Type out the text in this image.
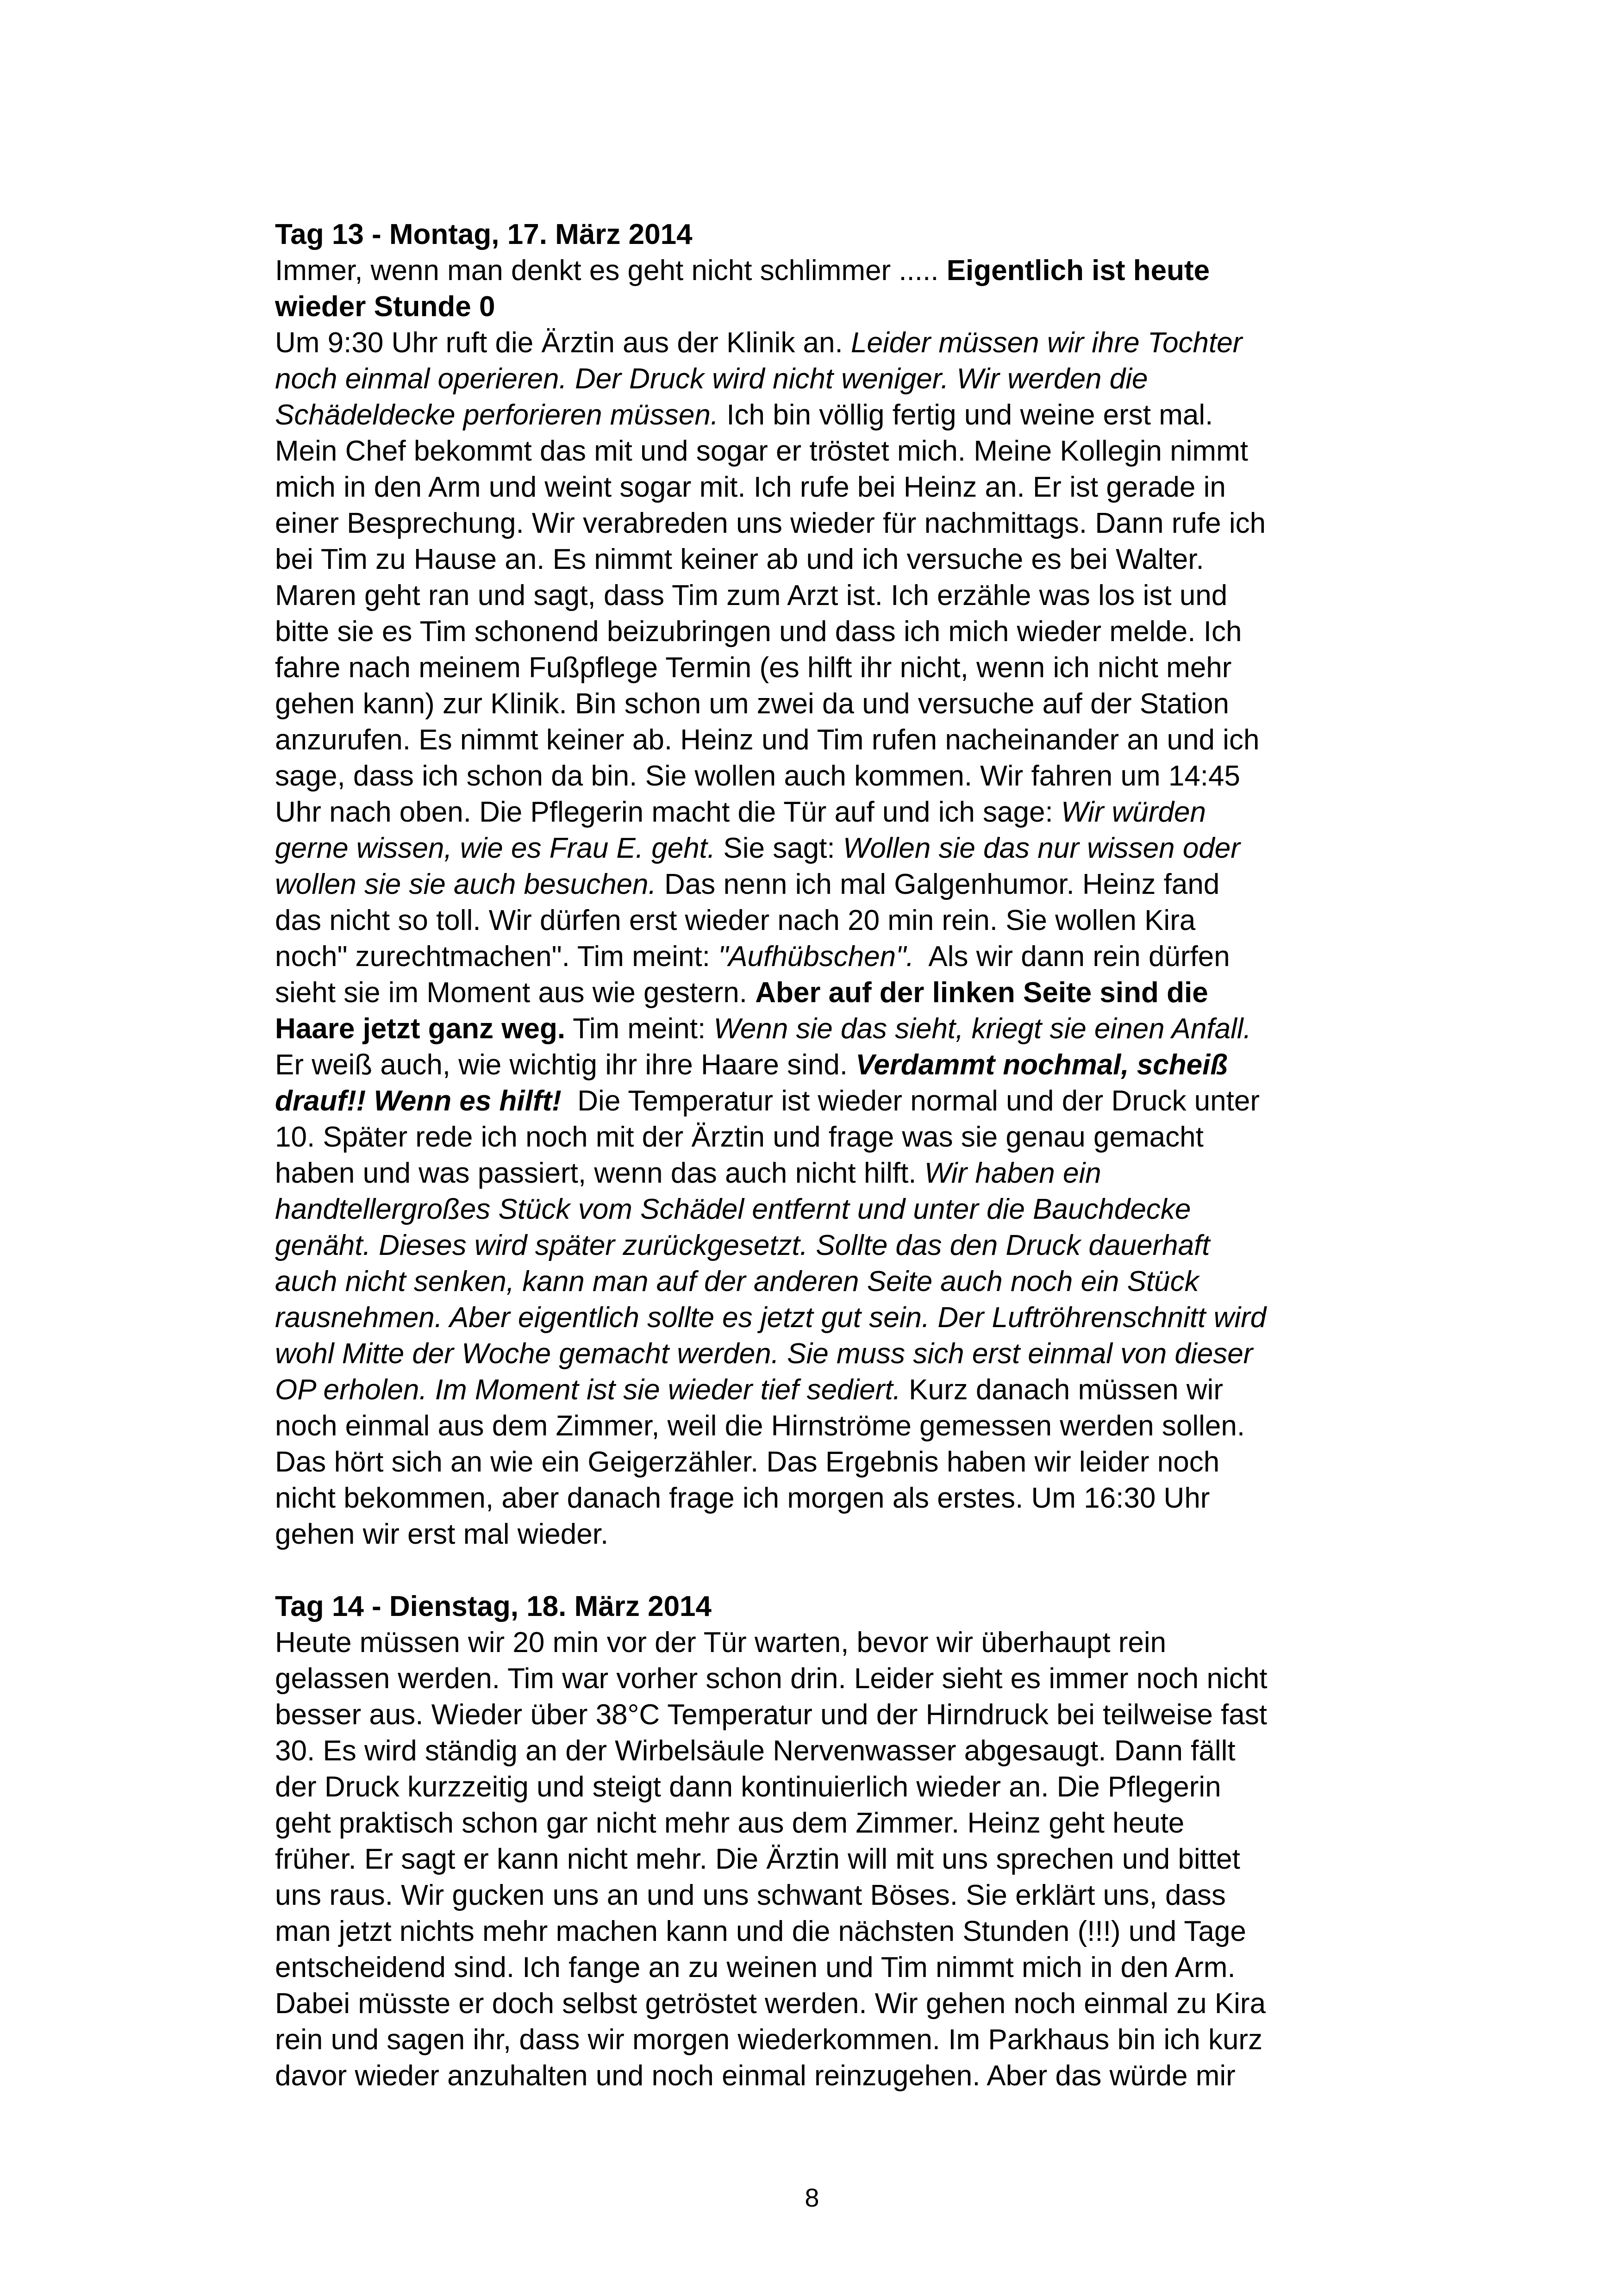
Tag 13 - Montag, 17. März 2014
Immer, wenn man denkt es geht nicht schlimmer ..... Eigentlich ist heute
wieder Stunde 0
Um 9:30 Uhr ruft die Ärztin aus der Klinik an. Leider müssen wir ihre Tochter
noch einmal operieren. Der Druck wird nicht weniger. Wir werden die
Schädeldecke perforieren müssen. Ich bin völlig fertig und weine erst mal.
Mein Chef bekommt das mit und sogar er tröstet mich. Meine Kollegin nimmt
mich in den Arm und weint sogar mit. Ich rufe bei Heinz an. Er ist gerade in
einer Besprechung. Wir verabreden uns wieder für nachmittags. Dann rufe ich
bei Tim zu Hause an. Es nimmt keiner ab und ich versuche es bei Walter.
Maren geht ran und sagt, dass Tim zum Arzt ist. Ich erzähle was los ist und
bitte sie es Tim schonend beizubringen und dass ich mich wieder melde. Ich
fahre nach meinem Fußpflege Termin (es hilft ihr nicht, wenn ich nicht mehr
gehen kann) zur Klinik. Bin schon um zwei da und versuche auf der Station
anzurufen. Es nimmt keiner ab. Heinz und Tim rufen nacheinander an und ich
sage, dass ich schon da bin. Sie wollen auch kommen. Wir fahren um 14:45
Uhr nach oben. Die Pflegerin macht die Tür auf und ich sage: Wir würden
gerne wissen, wie es Frau E. geht. Sie sagt: Wollen sie das nur wissen oder
wollen sie sie auch besuchen. Das nenn ich mal Galgenhumor. Heinz fand
das nicht so toll. Wir dürfen erst wieder nach 20 min rein. Sie wollen Kira
noch" zurechtmachen". Tim meint: "Aufhübschen".  Als wir dann rein dürfen
sieht sie im Moment aus wie gestern. Aber auf der linken Seite sind die
Haare jetzt ganz weg. Tim meint: Wenn sie das sieht, kriegt sie einen Anfall.
Er weiß auch, wie wichtig ihr ihre Haare sind. Verdammt nochmal, scheiß
drauf!! Wenn es hilft!  Die Temperatur ist wieder normal und der Druck unter
10. Später rede ich noch mit der Ärztin und frage was sie genau gemacht
haben und was passiert, wenn das auch nicht hilft. Wir haben ein
handtellergroßes Stück vom Schädel entfernt und unter die Bauchdecke
genäht. Dieses wird später zurückgesetzt. Sollte das den Druck dauerhaft
auch nicht senken, kann man auf der anderen Seite auch noch ein Stück
rausnehmen. Aber eigentlich sollte es jetzt gut sein. Der Luftröhrenschnitt wird
wohl Mitte der Woche gemacht werden. Sie muss sich erst einmal von dieser
OP erholen. Im Moment ist sie wieder tief sediert. Kurz danach müssen wir
noch einmal aus dem Zimmer, weil die Hirnströme gemessen werden sollen.
Das hört sich an wie ein Geigerzähler. Das Ergebnis haben wir leider noch
nicht bekommen, aber danach frage ich morgen als erstes. Um 16:30 Uhr
gehen wir erst mal wieder.
Tag 14 - Dienstag, 18. März 2014
Heute müssen wir 20 min vor der Tür warten, bevor wir überhaupt rein
gelassen werden. Tim war vorher schon drin. Leider sieht es immer noch nicht
besser aus. Wieder über 38°C Temperatur und der Hirndruck bei teilweise fast
30. Es wird ständig an der Wirbelsäule Nervenwasser abgesaugt. Dann fällt
der Druck kurzzeitig und steigt dann kontinuierlich wieder an. Die Pflegerin
geht praktisch schon gar nicht mehr aus dem Zimmer. Heinz geht heute
früher. Er sagt er kann nicht mehr. Die Ärztin will mit uns sprechen und bittet
uns raus. Wir gucken uns an und uns schwant Böses. Sie erklärt uns, dass
man jetzt nichts mehr machen kann und die nächsten Stunden (!!!) und Tage
entscheidend sind. Ich fange an zu weinen und Tim nimmt mich in den Arm.
Dabei müsste er doch selbst getröstet werden. Wir gehen noch einmal zu Kira
rein und sagen ihr, dass wir morgen wiederkommen. Im Parkhaus bin ich kurz
davor wieder anzuhalten und noch einmal reinzugehen. Aber das würde mir
8
